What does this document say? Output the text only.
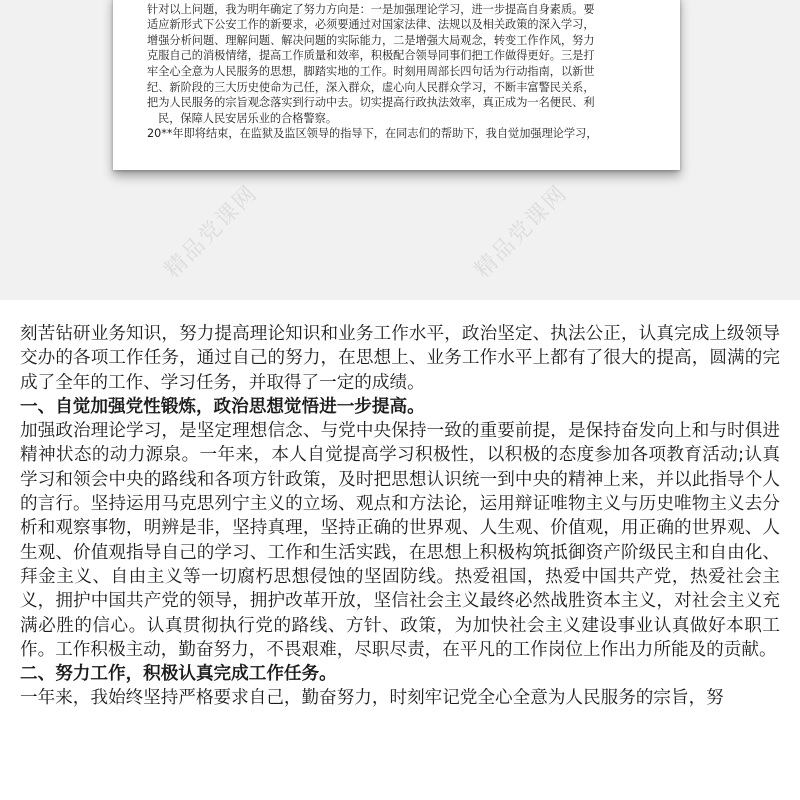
针对以上问题，我为明年确定了努力方向是：一是加强理论学习，进一步提高自身素质。要

适应新形式下公安工作的新要求，必须要通过对国家法律、法规以及相关政策的深入学习，

增强分析问题、理解问题、解决问题的实际能力，二是增强大局观念，转变工作作风，努力

克服自己的消极情绪，提高工作质量和效率，积极配合领导同事们把工作做得更好。三是打

牢全心全意为人民服务的思想，脚踏实地的工作。时刻用周部长四句话为行动指南，以新世

纪、新阶段的三大历史使命为己任，深入群众，虚心向人民群众学习，不断丰富警民关系，

把为人民服务的宗旨观念落实到行动中去。切实提高行政执法效率，真正成为一名便民、利

民，保障人民安居乐业的合格警察。

20**年即将结束，在监狱及监区领导的指导下，在同志们的帮助下，我自觉加强理论学习，

精品党课网	精品党课网

刻苦钻研业务知识，努力提高理论知识和业务工作水平，政治坚定、执法公正，认真完成上级领导交办的各项工作任务，通过自己的努力，在思想上、业务工作水平上都有了很大的提高，圆满的完成了全年的工作、学习任务，并取得了一定的成绩。

一、自觉加强党性锻炼，政治思想觉悟进一步提高。

加强政治理论学习，是坚定理想信念、与党中央保持一致的重要前提，是保持奋发向上和与时俱进精神状态的动力源泉。一年来，本人自觉提高学习积极性，以积极的态度参加各项教育活动;认真学习和领会中央的路线和各项方针政策，及时把思想认识统一到中央的精神上来，并以此指导个人的言行。坚持运用马克思列宁主义的立场、观点和方法论，运用辩证唯物主义与历史唯物主义去分析和观察事物，明辨是非，坚持真理，坚持正确的世界观、人生观、价值观，用正确的世界观、人生观、价值观指导自己的学习、工作和生活实践，在思想上积极构筑抵御资产阶级民主和自由化、拜金主义、自由主义等一切腐朽思想侵蚀的坚固防线。热爱祖国，热爱中国共产党，热爱社会主义，拥护中国共产党的领导，拥护改革开放，坚信社会主义最终必然战胜资本主义，对社会主义充满必胜的信心。认真贯彻执行党的路线、方针、政策，为加快社会主义建设事业认真做好本职工作。工作积极主动，勤奋努力，不畏艰难，尽职尽责，在平凡的工作岗位上作出力所能及的贡献。

二、努力工作，积极认真完成工作任务。

一年来，我始终坚持严格要求自己，勤奋努力，时刻牢记党全心全意为人民服务的宗旨，努
